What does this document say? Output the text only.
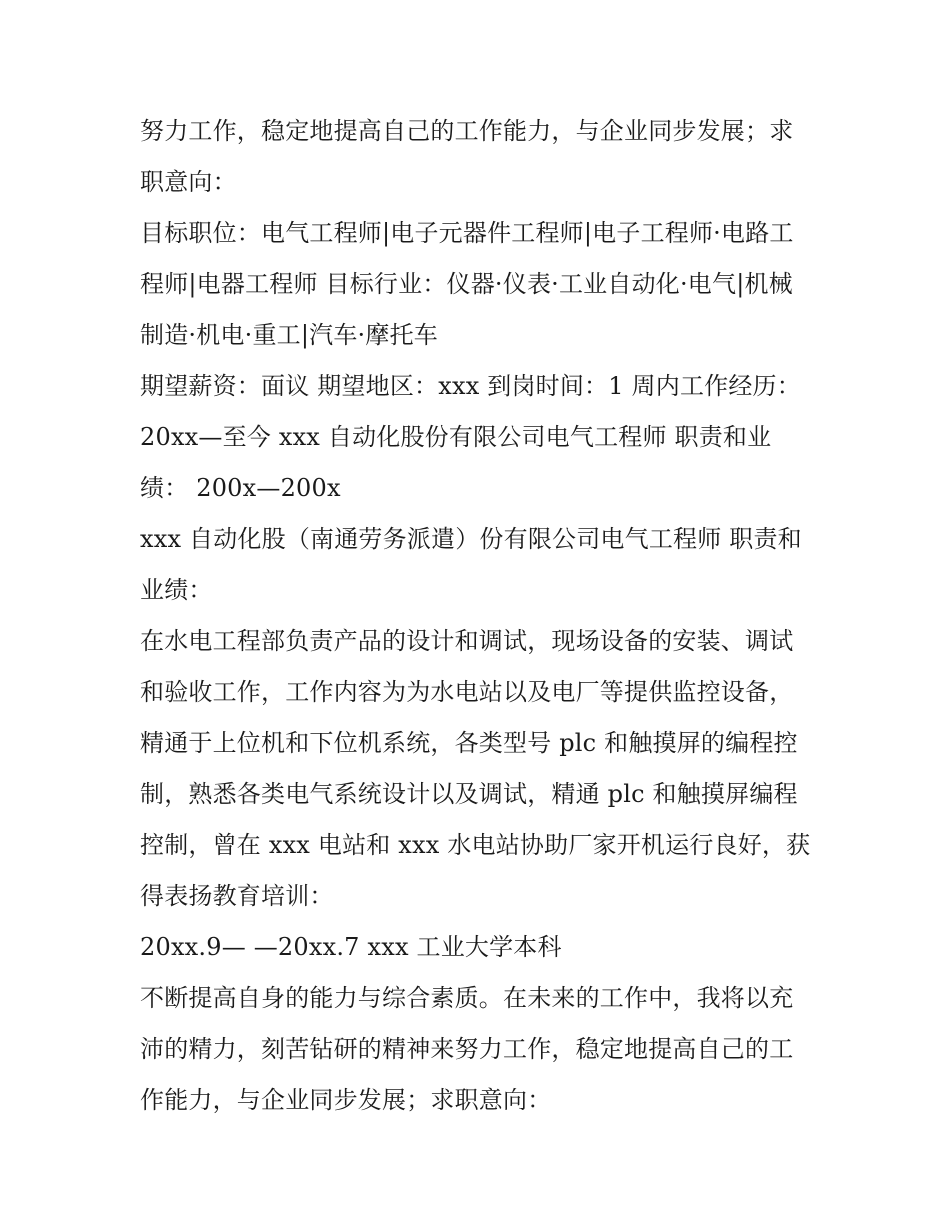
努力工作，稳定地提高自己的工作能力，与企业同步发展；求
职意向：
目标职位：电气工程师|电子元器件工程师|电子工程师·电路工
程师|电器工程师 目标行业：仪器·仪表·工业自动化·电气|机械
制造·机电·重工|汽车·摩托车
期望薪资：面议 期望地区：xxx 到岗时间：1 周内工作经历：
20xx—至今 xxx 自动化股份有限公司电气工程师 职责和业
绩： 200x—200x
xxx 自动化股（南通劳务派遣）份有限公司电气工程师 职责和
业绩：
在水电工程部负责产品的设计和调试，现场设备的安装、调试
和验收工作，工作内容为为水电站以及电厂等提供监控设备，
精通于上位机和下位机系统，各类型号 plc 和触摸屏的编程控
制，熟悉各类电气系统设计以及调试，精通 plc 和触摸屏编程
控制，曾在 xxx 电站和 xxx 水电站协助厂家开机运行良好，获
得表扬教育培训：
20xx.9— —20xx.7 xxx 工业大学本科
不断提高自身的能力与综合素质。在未来的工作中，我将以充
沛的精力，刻苦钻研的精神来努力工作，稳定地提高自己的工
作能力，与企业同步发展；求职意向：
